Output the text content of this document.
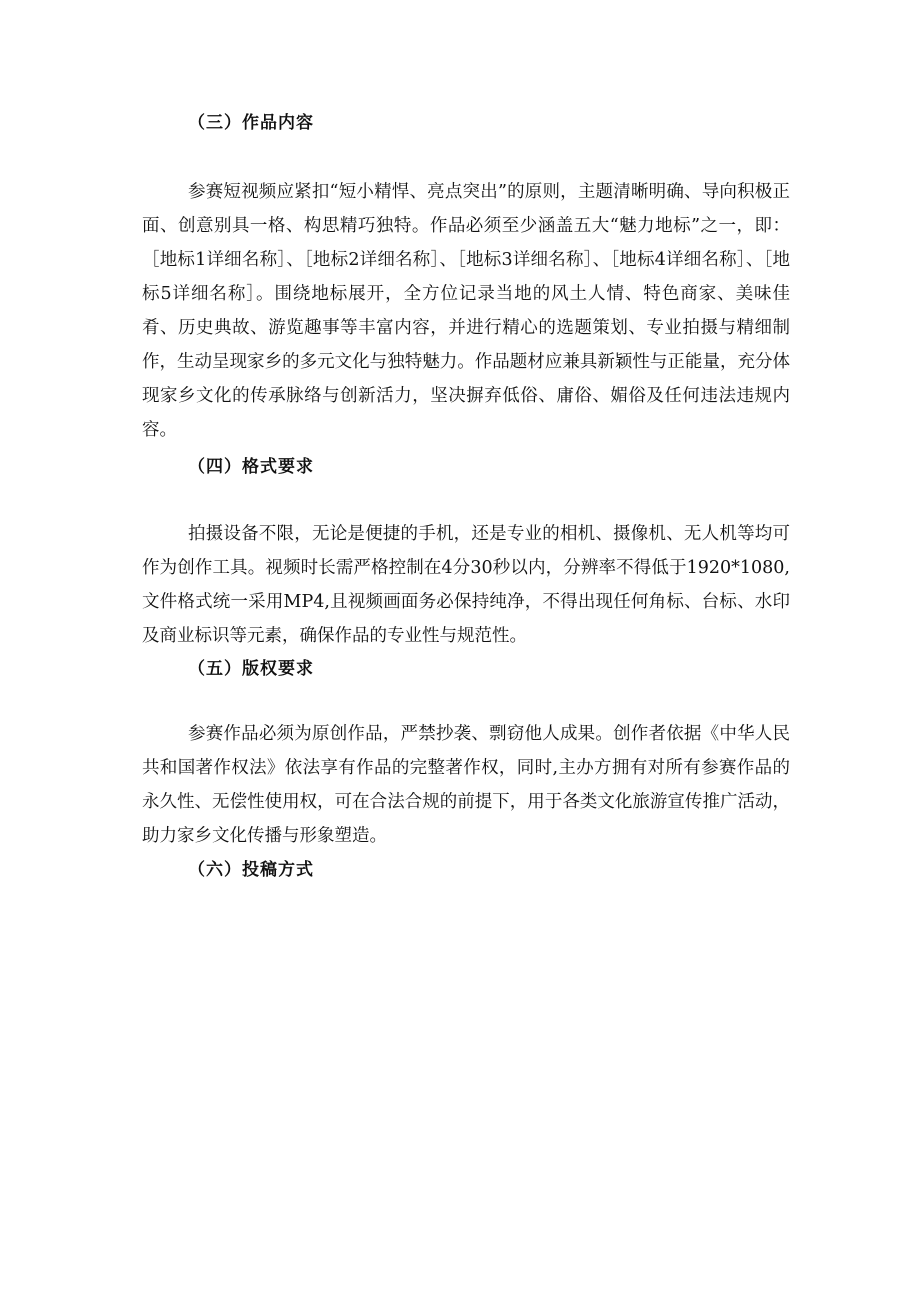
（三）作品内容

参赛短视频应紧扣“短小精悍、亮点突出”的原则，主题清晰明确、导向积极正面、创意别具一格、构思精巧独特。作品必须至少涵盖五大“魅力地标”之一，即：［地标1详细名称］、［地标2详细名称］、［地标3详细名称］、［地标4详细名称］、［地标5详细名称］。围绕地标展开，全方位记录当地的风土人情、特色商家、美味佳肴、历史典故、游览趣事等丰富内容，并进行精心的选题策划、专业拍摄与精细制作，生动呈现家乡的多元文化与独特魅力。作品题材应兼具新颖性与正能量，充分体现家乡文化的传承脉络与创新活力，坚决摒弃低俗、庸俗、媚俗及任何违法违规内容。

（四）格式要求

拍摄设备不限，无论是便捷的手机，还是专业的相机、摄像机、无人机等均可作为创作工具。视频时长需严格控制在4分30秒以内，分辨率不得低于1920*1080,文件格式统一采用MP4,且视频画面务必保持纯净，不得出现任何角标、台标、水印及商业标识等元素，确保作品的专业性与规范性。

（五）版权要求

参赛作品必须为原创作品，严禁抄袭、剽窃他人成果。创作者依据《中华人民共和国著作权法》依法享有作品的完整著作权，同时,主办方拥有对所有参赛作品的永久性、无偿性使用权，可在合法合规的前提下，用于各类文化旅游宣传推广活动，助力家乡文化传播与形象塑造。

（六）投稿方式
